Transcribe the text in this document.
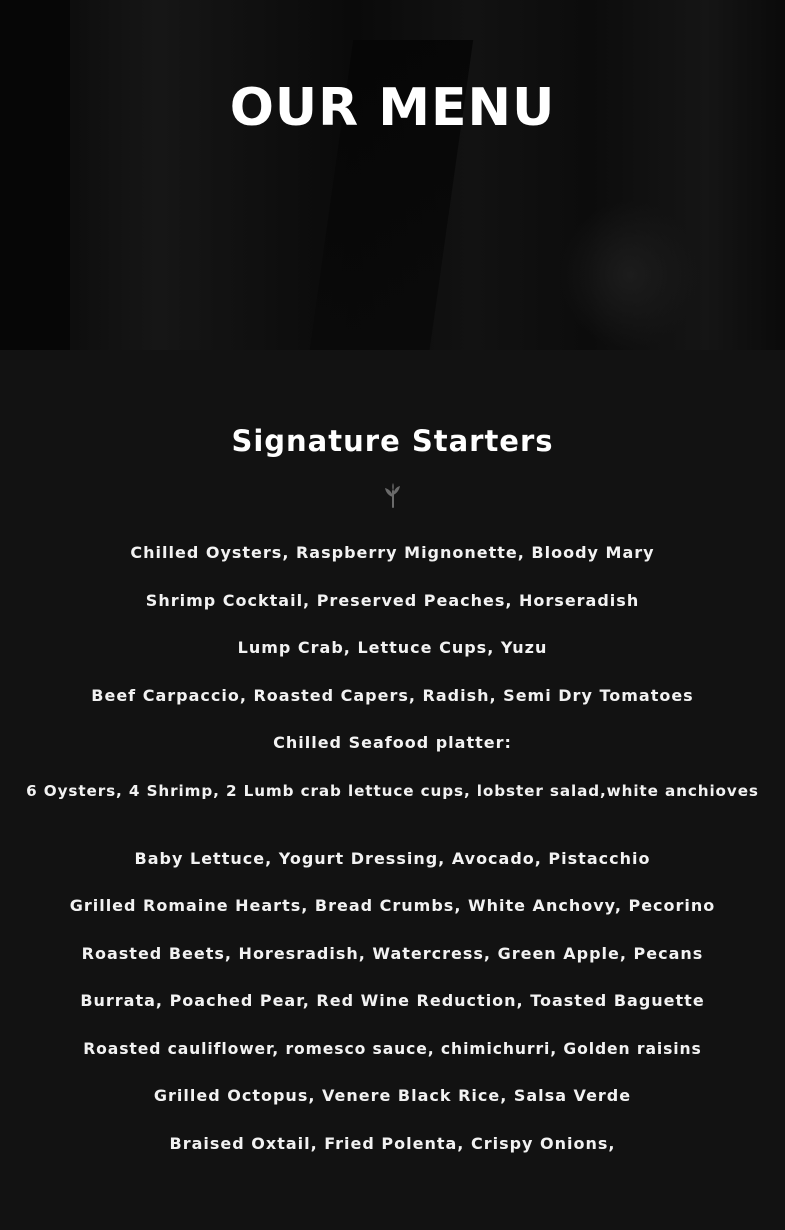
OUR MENU
Signature Starters
Chilled Oysters, Raspberry Mignonette, Bloody Mary
Shrimp Cocktail, Preserved Peaches, Horseradish
Lump Crab, Lettuce Cups, Yuzu
Beef Carpaccio, Roasted Capers, Radish, Semi Dry Tomatoes
Chilled Seafood platter:
6 Oysters, 4 Shrimp, 2 Lumb crab lettuce cups, lobster salad,white anchioves
Baby Lettuce, Yogurt Dressing, Avocado, Pistacchio
Grilled Romaine Hearts, Bread Crumbs, White Anchovy, Pecorino
Roasted Beets, Horesradish, Watercress, Green Apple, Pecans
Burrata, Poached Pear, Red Wine Reduction, Toasted Baguette
Roasted cauliflower, romesco sauce, chimichurri, Golden raisins
Grilled Octopus, Venere Black Rice, Salsa Verde
Braised Oxtail, Fried Polenta, Crispy Onions,
